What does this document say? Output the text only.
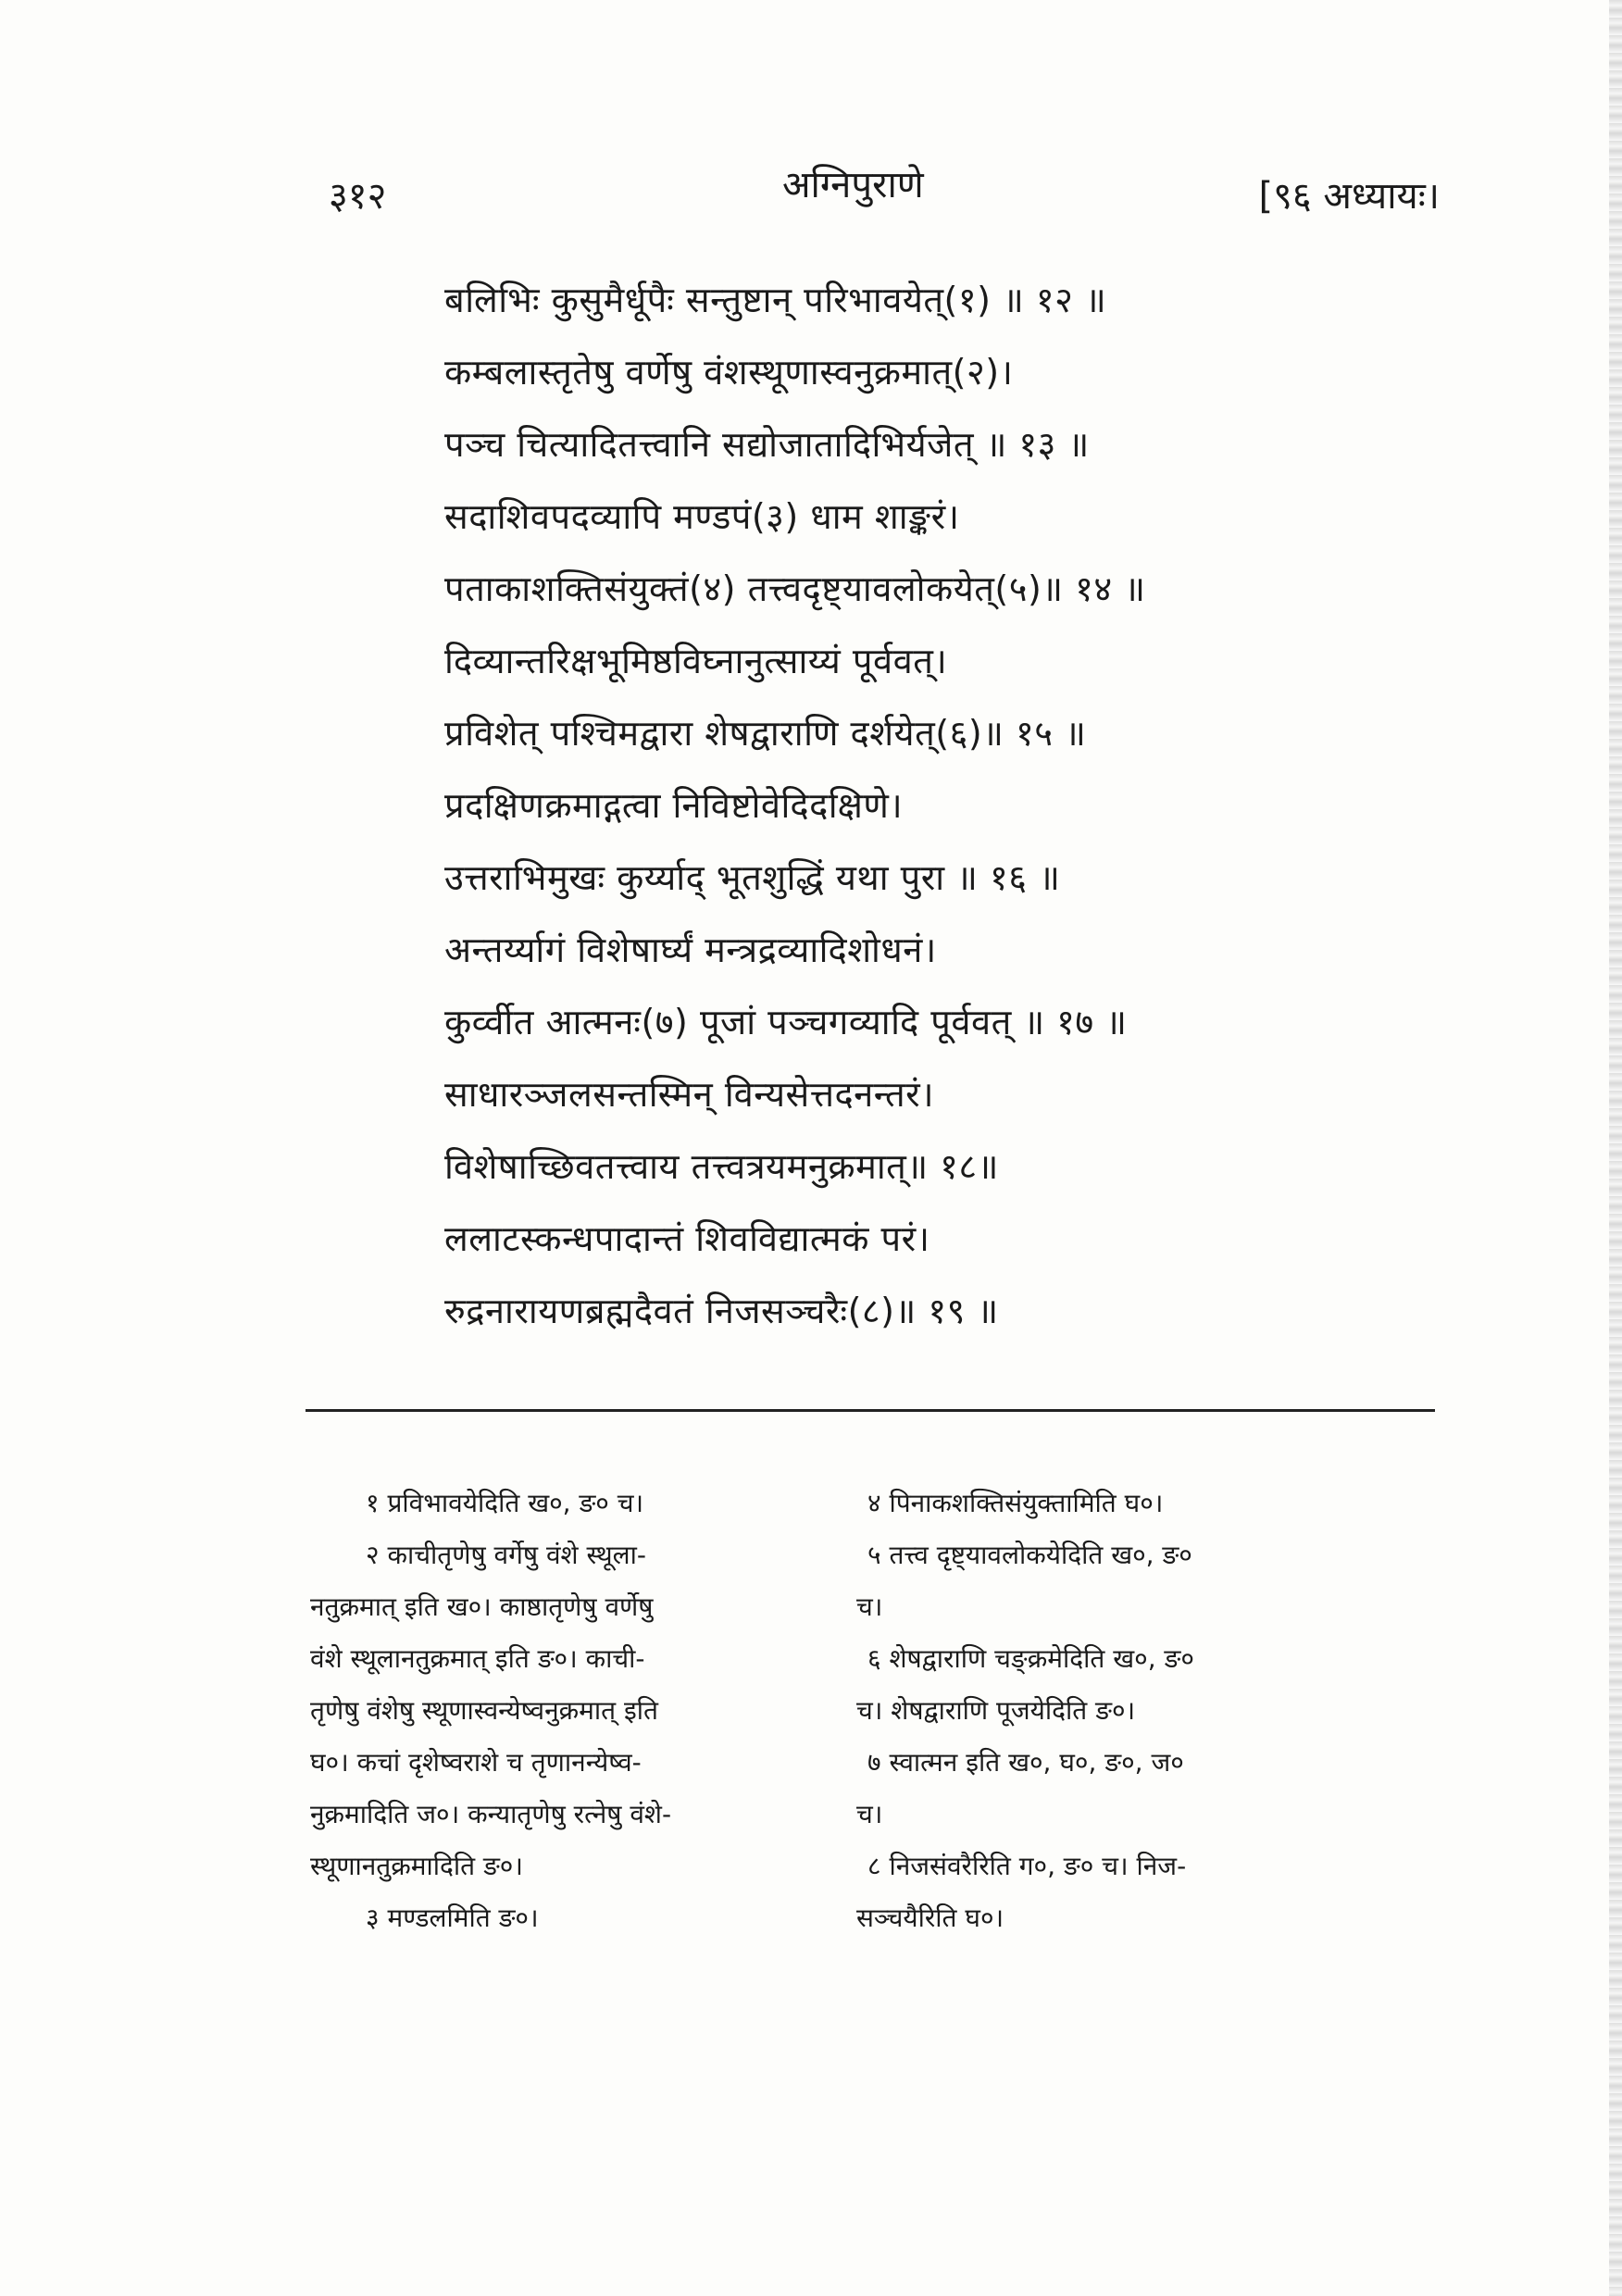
३१२	अग्निपुराणे	[९६ अध्यायः।
बलिभिः कुसुमैर्धूपैः सन्तुष्टान् परिभावयेत्(१) ॥ १२ ॥
कम्बलास्तृतेषु वर्णेषु वंशस्थूणास्वनुक्रमात्(२)।
पञ्च चित्यादितत्त्वानि सद्योजातादिभिर्यजेत् ॥ १३ ॥
सदाशिवपदव्यापि मण्डपं(३) धाम शाङ्करं।
पताकाशक्तिसंयुक्तं(४) तत्त्वदृष्ट्यावलोकयेत्(५)॥ १४ ॥
दिव्यान्तरिक्षभूमिष्ठविघ्नानुत्साय्यं पूर्ववत्।
प्रविशेत् पश्चिमद्वारा शेषद्वाराणि दर्शयेत्(६)॥ १५ ॥
प्रदक्षिणक्रमाद्गत्वा निविष्टोवेदिदक्षिणे।
उत्तराभिमुखः कुर्य्याद् भूतशुद्धिं यथा पुरा ॥ १६ ॥
अन्तर्य्यागं विशेषार्घ्यं मन्त्रद्रव्यादिशोधनं।
कुर्व्वीत आत्मनः(७) पूजां पञ्चगव्यादि पूर्ववत् ॥ १७ ॥
साधारञ्जलसन्तस्मिन् विन्यसेत्तदनन्तरं।
विशेषाच्छिवतत्त्वाय तत्त्वत्रयमनुक्रमात्॥ १८॥
ललाटस्कन्धपादान्तं शिवविद्यात्मकं परं।
रुद्रनारायणब्रह्मदैवतं निजसञ्चरैः(८)॥ १९ ॥
१ प्रविभावयेदिति ख०, ङ० च।
२ काचीतृणेषु वर्गेषु वंशे स्थूला-
नतुक्रमात् इति ख०। काष्ठातृणेषु वर्णेषु
वंशे स्थूलानतुक्रमात् इति ङ०। काची-
तृणेषु वंशेषु स्थूणास्वन्येष्वनुक्रमात् इति
घ०। कचां दृशेष्वराशे च तृणानन्येष्व-
नुक्रमादिति ज०। कन्यातृणेषु रत्नेषु वंशे-
स्थूणानतुक्रमादिति ङ०।
३ मण्डलमिति ङ०।
४ पिनाकशक्तिसंयुक्तामिति घ०।
५ तत्त्व दृष्ट्यावलोकयेदिति ख०, ङ०
च।
६ शेषद्वाराणि चङ्क्रमेदिति ख०, ङ०
च। शेषद्वाराणि पूजयेदिति ङ०।
७ स्वात्मन इति ख०, घ०, ङ०, ज०
च।
८ निजसंवरैरिति ग०, ङ० च। निज-
सञ्चयैरिति घ०।
